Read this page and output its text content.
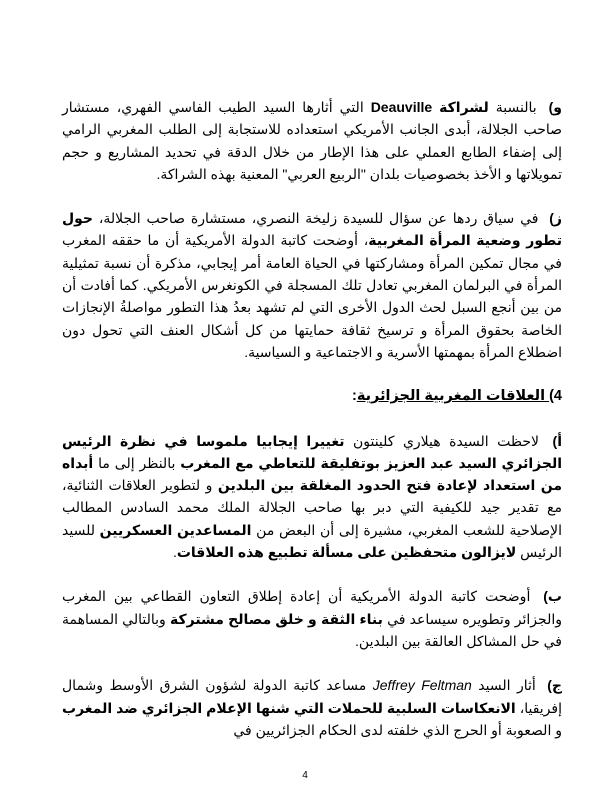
و) بالنسبة لشراكة Deauville التي أثارها السيد الطيب الفاسي الفهري، مستشار صاحب الجلالة، أبدى الجانب الأمريكي استعداده للاستجابة إلى الطلب المغربي الرامي إلى إضفاء الطابع العملي على هذا الإطار من خلال الدقة في تحديد المشاريع و حجم تمويلاتها و الأخذ بخصوصيات بلدان "الربيع العربي" المعنية بهذه الشراكة.

ز) في سياق ردها عن سؤال للسيدة زليخة النصري، مستشارة صاحب الجلالة، حول تطور وضعية المرأة المغربية، أوضحت كاتبة الدولة الأمريكية أن ما حققه المغرب في مجال تمكين المرأة ومشاركتها في الحياة العامة أمر إيجابي، مذكرة أن نسبة تمثيلية المرأة في البرلمان المغربي تعادل تلك المسجلة في الكونغرس الأمريكي. كما أفادت أن من بين أنجع السبل لحث الدول الأخرى التي لم تشهد بعدُ هذا التطور مواصلةُ الإنجازات الخاصة بحقوق المرأة و ترسيخ ثقافة حمايتها من كل أشكال العنف التي تحول دون اضطلاع المرأة بمهمتها الأسرية و الاجتماعية و السياسية.

4) العلاقات المغربية الجزائرية:

أ) لاحظت السيدة هيلاري كلينتون تغييرا إيجابيا ملموسا في نظرة الرئيس الجزائري السيد عبد العزيز بوتفليقة للتعاطي مع المغرب بالنظر إلى ما أبداه من استعداد لإعادة فتح الحدود المغلقة بين البلدين و لتطوير العلاقات الثنائية، مع تقدير جيد للكيفية التي دبر بها صاحب الجلالة الملك محمد السادس المطالب الإصلاحية للشعب المغربي، مشيرة إلى أن البعض من المساعدين العسكريين للسيد الرئيس لايزالون متحفظين على مسألة تطبيع هذه العلاقات.

ب) أوضحت كاتبة الدولة الأمريكية أن إعادة إطلاق التعاون القطاعي بين المغرب والجزائر وتطويره سيساعد في بناء الثقة و خلق مصالح مشتركة وبالتالي المساهمة في حل المشاكل العالقة بين البلدين.

ج) أثار السيد Jeffrey Feltman مساعد كاتبة الدولة لشؤون الشرق الأوسط وشمال إفريقيا، الانعكاسات السلبية للحملات التي شنها الإعلام الجزائري ضد المغرب و الصعوبة أو الحرج الذي خلفته لدى الحكام الجزائريين في

4
